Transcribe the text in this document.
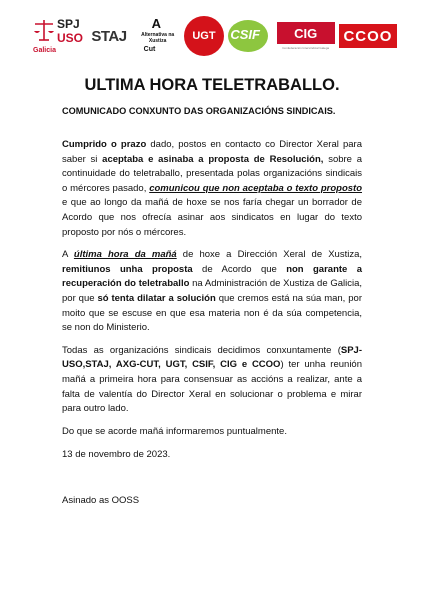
SPJ
USO
Galicia
STAJ
A
Alternativa na Xustiza
Cut
UGT CSIF	CIG
Confederación Intersindical Galega
CCOO
ULTIMA HORA TELETRABALLO.
COMUNICADO CONXUNTO DAS ORGANIZACIÓNS SINDICAIS.

Cumprido o prazo dado, postos en contacto co Director Xeral para saber si aceptaba e asinaba a proposta de Resolución, sobre a continuidade do teletraballo, presentada polas organizacións sindicais o mércores pasado, comunicou que non aceptaba o texto proposto e que ao longo da mañá de hoxe se nos faría chegar un borrador de Acordo que nos ofrecía asinar aos sindicatos en lugar do texto proposto por nós o mércores.

A última hora da mañá de hoxe a Dirección Xeral de Xustiza, remitiunos unha proposta de Acordo que non garante a recuperación do teletraballo na Administración de Xustiza de Galicia, por que só tenta dilatar a solución que cremos está na súa man, por moito que se escuse en que esa materia non é da súa competencia, se non do Ministerio.

Todas as organizacións sindicais decidimos conxuntamente (SPJ-USO,STAJ, AXG-CUT, UGT, CSIF, CIG e CCOO) ter unha reunión mañá a primeira hora para consensuar as accións a realizar, ante a falta de valentía do Director Xeral en solucionar o problema e mirar para outro lado.

Do que se acorde mañá informaremos puntualmente.

13 de novembro de 2023.
Asinado as OOSS
